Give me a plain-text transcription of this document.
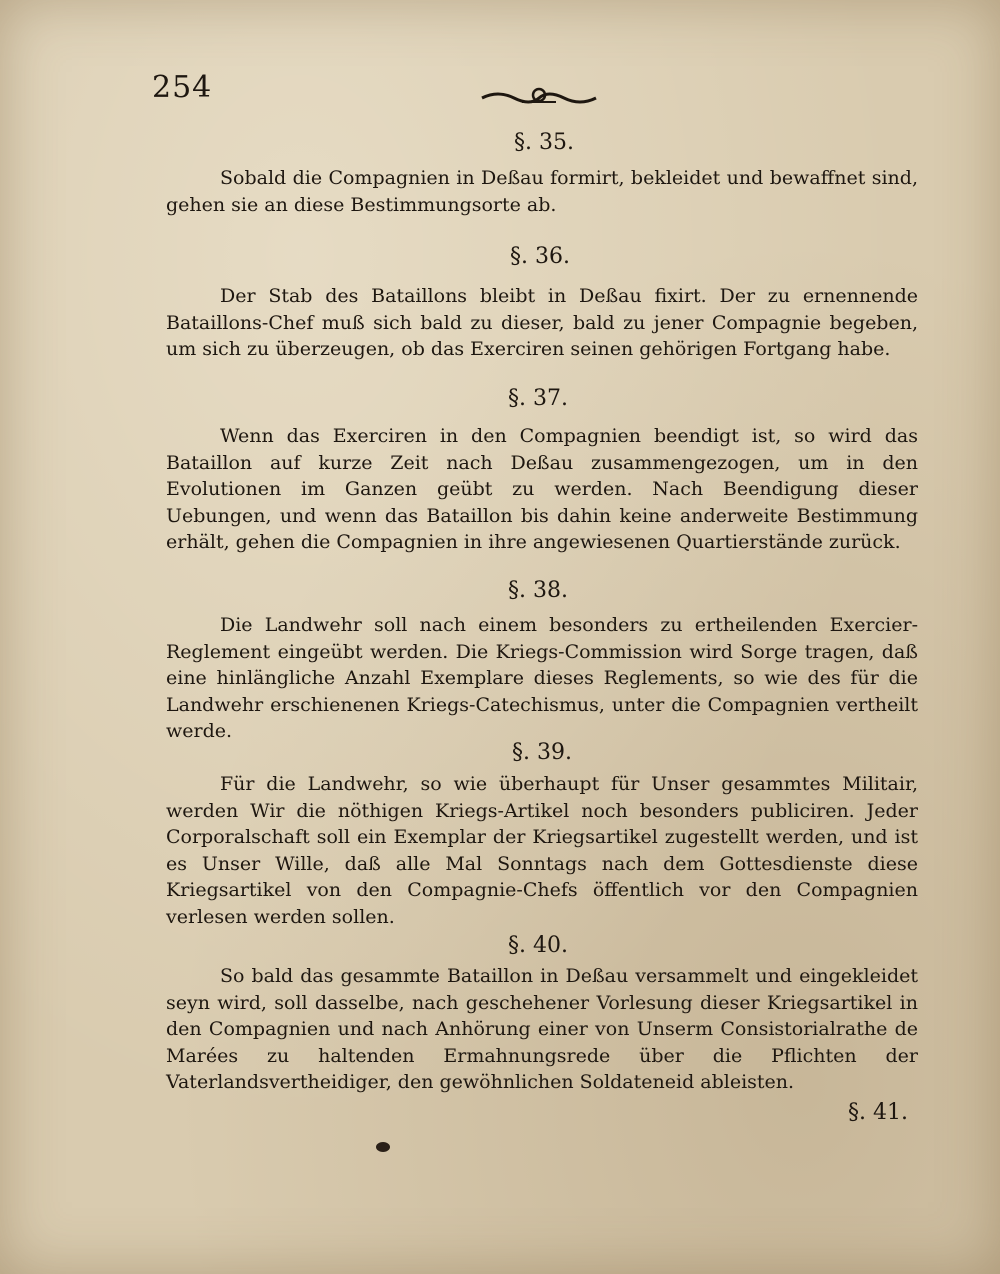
254
§. 35.
Sobald die Compagnien in Deßau formirt, bekleidet und bewaffnet sind, gehen sie an diese Bestimmungsorte ab.
§. 36.
Der Stab des Bataillons bleibt in Deßau fixirt. Der zu ernennende Bataillons-Chef muß sich bald zu dieser, bald zu jener Compagnie begeben, um sich zu überzeugen, ob das Exerciren seinen gehörigen Fortgang habe.
§. 37.
Wenn das Exerciren in den Compagnien beendigt ist, so wird das Bataillon auf kurze Zeit nach Deßau zusammengezogen, um in den Evolutionen im Ganzen geübt zu werden. Nach Beendigung dieser Uebungen, und wenn das Bataillon bis dahin keine anderweite Bestimmung erhält, gehen die Compagnien in ihre angewiesenen Quartierstände zurück.
§. 38.
Die Landwehr soll nach einem besonders zu ertheilenden Exercier-Reglement eingeübt werden. Die Kriegs-Commission wird Sorge tragen, daß eine hinlängliche Anzahl Exemplare dieses Reglements, so wie des für die Landwehr erschienenen Kriegs-Catechismus, unter die Compagnien vertheilt werde.
§. 39.
Für die Landwehr, so wie überhaupt für Unser gesammtes Militair, werden Wir die nöthigen Kriegs-Artikel noch besonders publiciren. Jeder Corporalschaft soll ein Exemplar der Kriegsartikel zugestellt werden, und ist es Unser Wille, daß alle Mal Sonntags nach dem Gottesdienste diese Kriegsartikel von den Compagnie-Chefs öffentlich vor den Compagnien verlesen werden sollen.
§. 40.
So bald das gesammte Bataillon in Deßau versammelt und eingekleidet seyn wird, soll dasselbe, nach geschehener Vorlesung dieser Kriegsartikel in den Compagnien und nach Anhörung einer von Unserm Consistorialrathe de Marées zu haltenden Ermahnungsrede über die Pflichten der Vaterlandsvertheidiger, den gewöhnlichen Soldateneid ableisten.
§. 41.
